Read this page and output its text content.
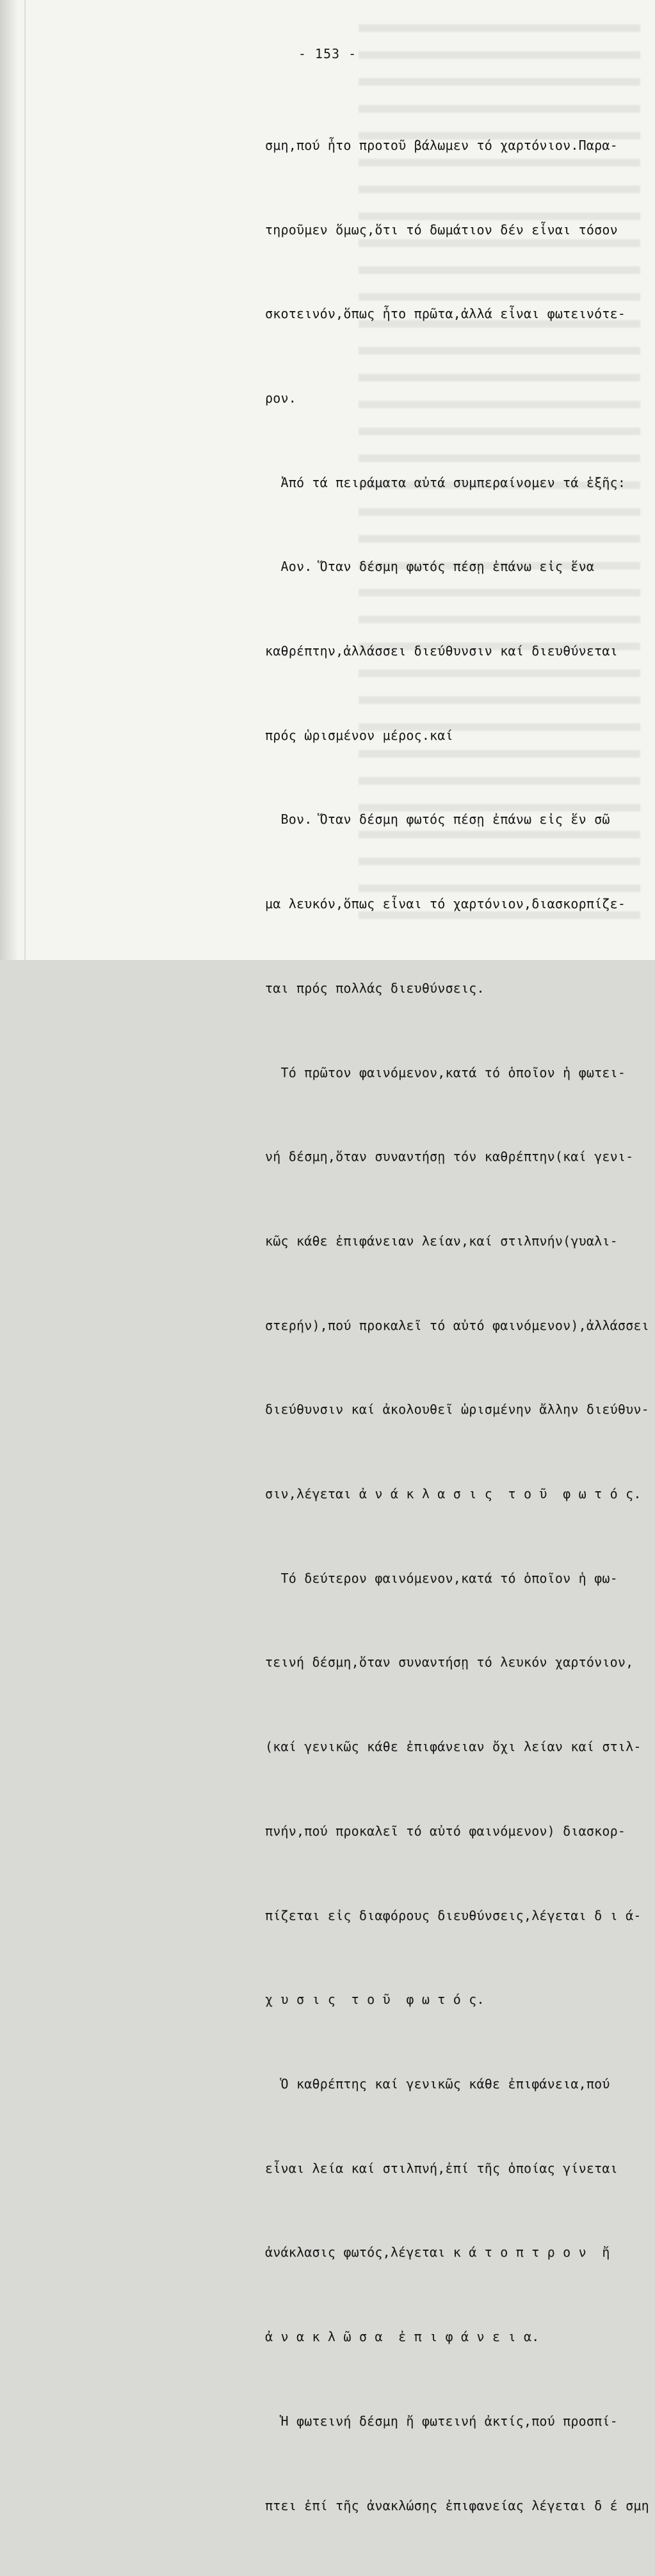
- 153 -

σμη,πού ἦτο προτοῦ βάλωμεν τό χαρτόνιον.Παρα-

τηροῦμεν ὅμως,ὅτι τό δωμάτιον δέν εἶναι τόσον

σκοτεινόν,ὅπως ἦτο πρῶτα,ἀλλά εἶναι φωτεινότε-

ρον.

Ἀπό τά πειράματα αὐτά συμπεραίνομεν τά ἑξῆς:

Αον. Ὅταν δέσμη φωτός πέσῃ ἐπάνω εἰς ἕνα

καθρέπτην,ἀλλάσσει διεύθυνσιν καί διευθύνεται

πρός ὡρισμένον μέρος.καί

Βον. Ὅταν δέσμη φωτός πέσῃ ἐπάνω εἰς ἕν σῶ

μα λευκόν,ὅπως εἶναι τό χαρτόνιον,διασκορπίζε-

ται πρός πολλάς διευθύνσεις.

Τό πρῶτον φαινόμενον,κατά τό ὁποῖον ἡ φωτει-

νή δέσμη,ὅταν συναντήσῃ τόν καθρέπτην(καί γενι-

κῶς κάθε ἐπιφάνειαν λείαν,καί στιλπνήν(γυαλι-

στερήν),πού προκαλεῖ τό αὐτό φαινόμενον),ἀλλάσσει

διεύθυνσιν καί ἀκολουθεῖ ὡρισμένην ἄλλην διεύθυν-

σιν,λέγεται ἀ ν ά κ λ α σ ι ς  τ ο ῦ  φ ω τ ό ς.

Τό δεύτερον φαινόμενον,κατά τό ὁποῖον ἡ φω-

τεινή δέσμη,ὅταν συναντήσῃ τό λευκόν χαρτόνιον,

(καί γενικῶς κάθε ἐπιφάνειαν ὄχι λείαν καί στιλ-

πνήν,πού προκαλεῖ τό αὐτό φαινόμενον) διασκορ-

πίζεται εἰς διαφόρους διευθύνσεις,λέγεται δ ι ά-

χ υ σ ι ς  τ ο ῦ  φ ω τ ό ς.

Ὁ καθρέπτης καί γενικῶς κάθε ἐπιφάνεια,πού

εἶναι λεία καί στιλπνή,ἐπί τῆς ὁποίας γίνεται

ἀνάκλασις φωτός,λέγεται κ ά τ ο π τ ρ ο ν  ἤ

ἀ ν α κ λ ῶ σ α  ἐ π ι φ ά ν ε ι α.

Ἡ φωτεινή δέσμη ἤ φωτεινή ἀκτίς,πού προσπί-

πτει ἐπί τῆς ἀνακλώσης ἐπιφανείας λέγεται δ έ σμη
